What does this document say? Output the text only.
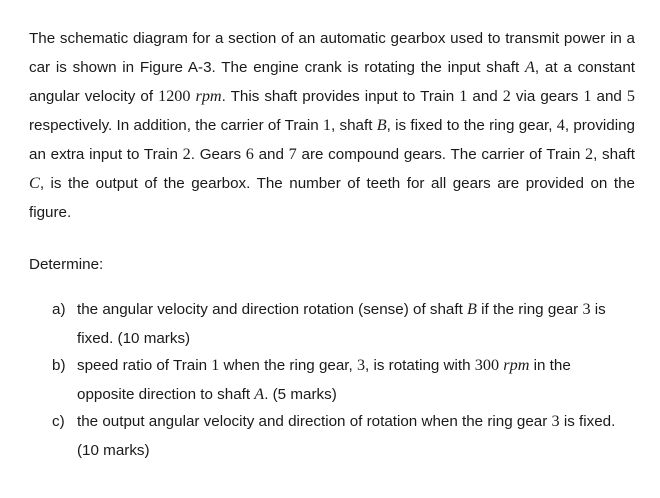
The schematic diagram for a section of an automatic gearbox used to transmit power in a car is shown in Figure A-3. The engine crank is rotating the input shaft A, at a constant angular velocity of 1200 rpm. This shaft provides input to Train 1 and 2 via gears 1 and 5 respectively. In addition, the carrier of Train 1, shaft B, is fixed to the ring gear, 4, providing an extra input to Train 2. Gears 6 and 7 are compound gears. The carrier of Train 2, shaft C, is the output of the gearbox. The number of teeth for all gears are provided on the figure.
Determine:
a) the angular velocity and direction rotation (sense) of shaft B if the ring gear 3 is fixed. (10 marks)
b) speed ratio of Train 1 when the ring gear, 3, is rotating with 300 rpm in the opposite direction to shaft A. (5 marks)
c) the output angular velocity and direction of rotation when the ring gear 3 is fixed. (10 marks)
